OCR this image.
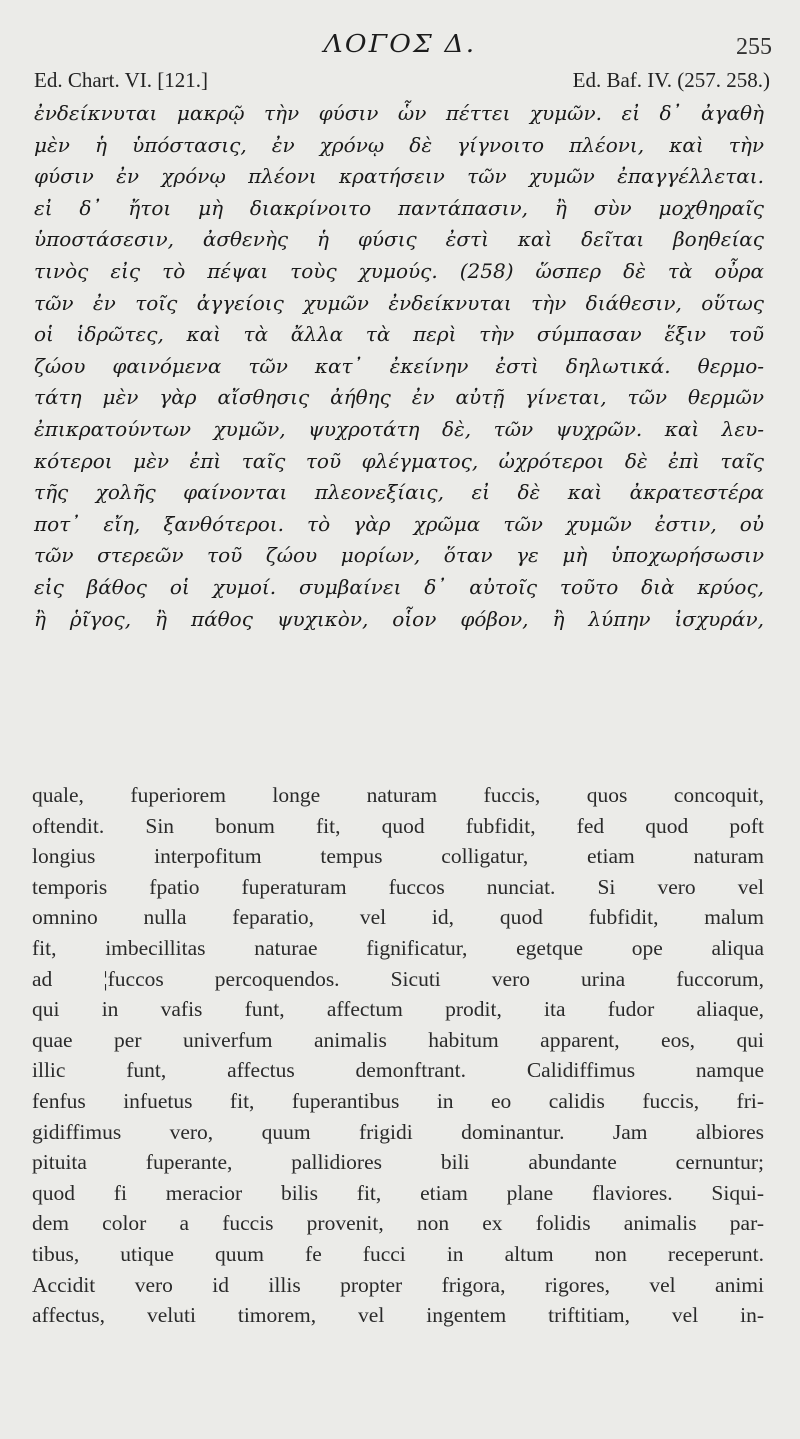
ΛΟΓΟΣ Δ.	255
Ed. Chart. VI. [121.]	Ed. Baf. IV. (257. 258.)
ἐνδείκνυται μακρῷ τὴν φύσιν ὧν πέττει χυμῶν. εἰ δ᾽ ἀγαθὴ
μὲν ἡ ὑπόστασις, ἐν χρόνῳ δὲ γίγνοιτο πλέονι, καὶ τὴν
φύσιν ἐν χρόνῳ πλέονι κρατήσειν τῶν χυμῶν ἐπαγγέλλεται.
εἰ δ᾽ ἤτοι μὴ διακρίνοιτο παντάπασιν, ἢ σὺν μοχθηραῖς
ὑποστάσεσιν, ἀσθενὴς ἡ φύσις ἐστὶ καὶ δεῖται βοηθείας
τινὸς εἰς τὸ πέψαι τοὺς χυμούς. (258) ὥσπερ δὲ τὰ οὖρα
τῶν ἐν τοῖς ἀγγείοις χυμῶν ἐνδείκνυται τὴν διάθεσιν, οὕτως
οἱ ἱδρῶτες, καὶ τὰ ἄλλα τὰ περὶ τὴν σύμπασαν ἕξιν τοῦ
ζώου φαινόμενα τῶν κατ᾽ ἐκείνην ἐστὶ δηλωτικά. θερμο-
τάτη μὲν γὰρ αἴσθησις ἀήθης ἐν αὐτῇ γίνεται, τῶν θερμῶν
ἐπικρατούντων χυμῶν, ψυχροτάτη δὲ, τῶν ψυχρῶν. καὶ λευ-
κότεροι μὲν ἐπὶ ταῖς τοῦ φλέγματος, ὠχρότεροι δὲ ἐπὶ ταῖς
τῆς χολῆς φαίνονται πλεονεξίαις, εἰ δὲ καὶ ἀκρατεστέρα
ποτ᾽ εἴη, ξανθότεροι. τὸ γὰρ χρῶμα τῶν χυμῶν ἐστιν, οὐ
τῶν στερεῶν τοῦ ζώου μορίων, ὅταν γε μὴ ὑποχωρήσωσιν
εἰς βάθος οἱ χυμοί. συμβαίνει δ᾽ αὐτοῖς τοῦτο διὰ κρύος,
ἢ ῥῖγος, ἢ πάθος ψυχικὸν, οἷον φόβον, ἢ λύπην ἰσχυράν,
quale, fuperiorem longe naturam fuccis, quos concoquit,
oftendit. Sin bonum fit, quod fubfidit, fed quod poft
longius interpofitum tempus colligatur, etiam naturam
temporis fpatio fuperaturam fuccos nunciat. Si vero vel
omnino nulla feparatio, vel id, quod fubfidit, malum
fit, imbecillitas naturae fignificatur, egetque ope aliqua
ad ¦fuccos percoquendos. Sicuti vero urina fuccorum,
qui in vafis funt, affectum prodit, ita fudor aliaque,
quae per univerfum animalis habitum apparent, eos, qui
illic funt, affectus demonftrant. Calidiffimus namque
fenfus infuetus fit, fuperantibus in eo calidis fuccis, fri-
gidiffimus vero, quum frigidi dominantur. Jam albiores
pituita fuperante, pallidiores bili abundante cernuntur;
quod fi meracior bilis fit, etiam plane flaviores. Siqui-
dem color a fuccis provenit, non ex folidis animalis par-
tibus, utique quum fe fucci in altum non receperunt.
Accidit vero id illis propter frigora, rigores, vel animi
affectus, veluti timorem, vel ingentem triftitiam, vel in-
